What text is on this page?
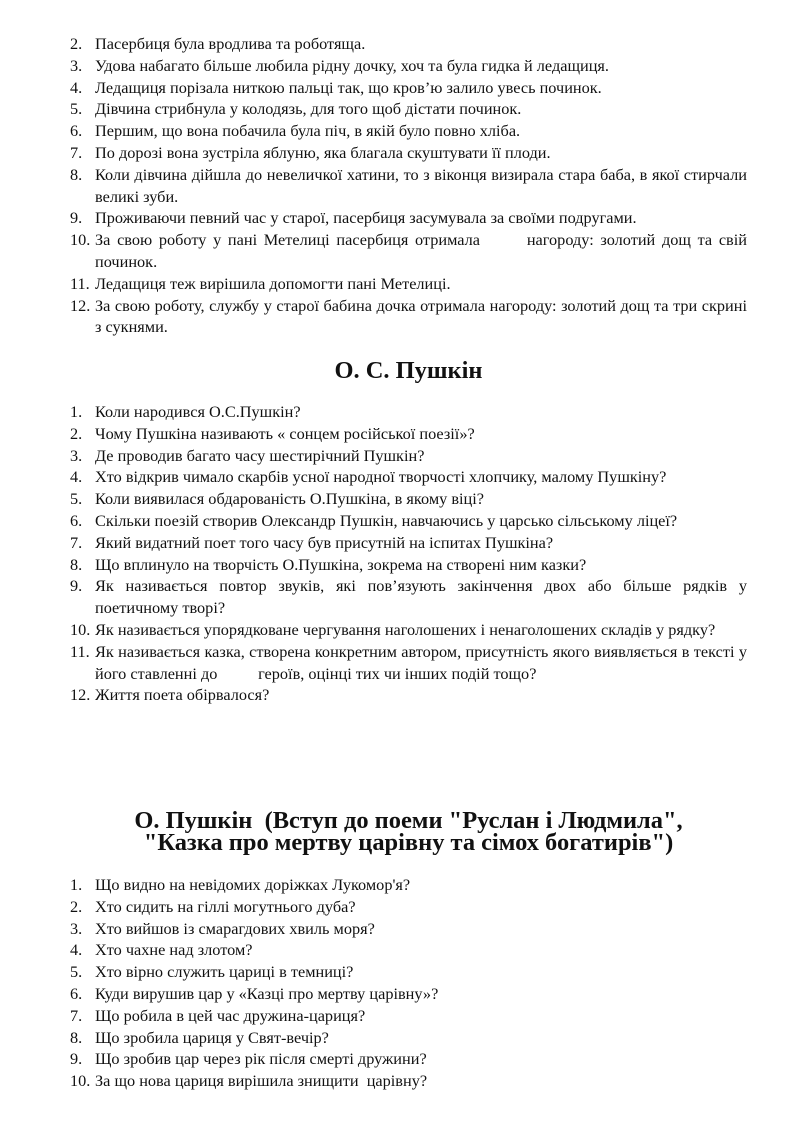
2. Пасербиця була вродлива та роботяща.
3. Удова набагато більше любила рідну дочку, хоч та була гидка й ледащиця.
4. Ледащиця порізала ниткою пальці так, що кров’ю залило увесь починок.
5. Дівчина стрибнула у колодязь, для того щоб дістати починок.
6. Першим, що вона побачила була піч, в якій було повно хліба.
7. По дорозі вона зустріла яблуню, яка благала скуштувати її плоди.
8. Коли дівчина дійшла до невеличкої хатини, то з віконця визирала стара баба, в якої стирчали великі зуби.
9. Проживаючи певний час у старої, пасербиця засумувала за своїми подругами.
10. За свою роботу у пані Метелиці пасербиця отримала       нагороду: золотий дощ та свій починок.
11. Ледащиця теж вирішила допомогти пані Метелиці.
12. За свою роботу, службу у старої бабина дочка отримала нагороду: золотий дощ та три скрині з сукнями.
О. С. Пушкін
1. Коли народився О.С.Пушкін?
2. Чому Пушкіна називають « сонцем російської поезії»?
3. Де проводив багато часу шестирічний Пушкін?
4. Хто відкрив чимало скарбів усної народної творчості хлопчику, малому Пушкіну?
5. Коли виявилася обдарованість О.Пушкіна, в якому віці?
6. Скільки поезій створив Олександр Пушкін, навчаючись у царсько сільському ліцеї?
7. Який видатний поет того часу був присутній на іспитах Пушкіна?
8. Що вплинуло на творчість О.Пушкіна, зокрема на створені ним казки?
9. Як називається повтор звуків, які пов’язують закінчення двох або більше рядків у поетичному творі?
10. Як називається упорядковане чергування наголошених і ненаголошених складів у рядку?
11. Як називається казка, створена конкретним автором, присутність якого виявляється в тексті у його ставленні до          героїв, оцінці тих чи інших подій тощо?
12. Життя поета обірвалося?
О. Пушкін  (Вступ до поеми "Руслан і Людмила",
"Казка про мертву царівну та сімох богатирів")
1. Що видно на невідомих доріжках Лукомор'я?
2. Хто сидить на гіллі могутнього дуба?
3. Хто вийшов із смарагдових хвиль моря?
4. Хто чахне над злотом?
5. Хто вірно служить цариці в темниці?
6. Куди вирушив цар у «Казці про мертву царівну»?
7. Що робила в цей час дружина-цариця?
8. Що зробила цариця у Свят-вечір?
9. Що зробив цар через рік після смерті дружини?
10. За що нова цариця вирішила знищити  царівну?
